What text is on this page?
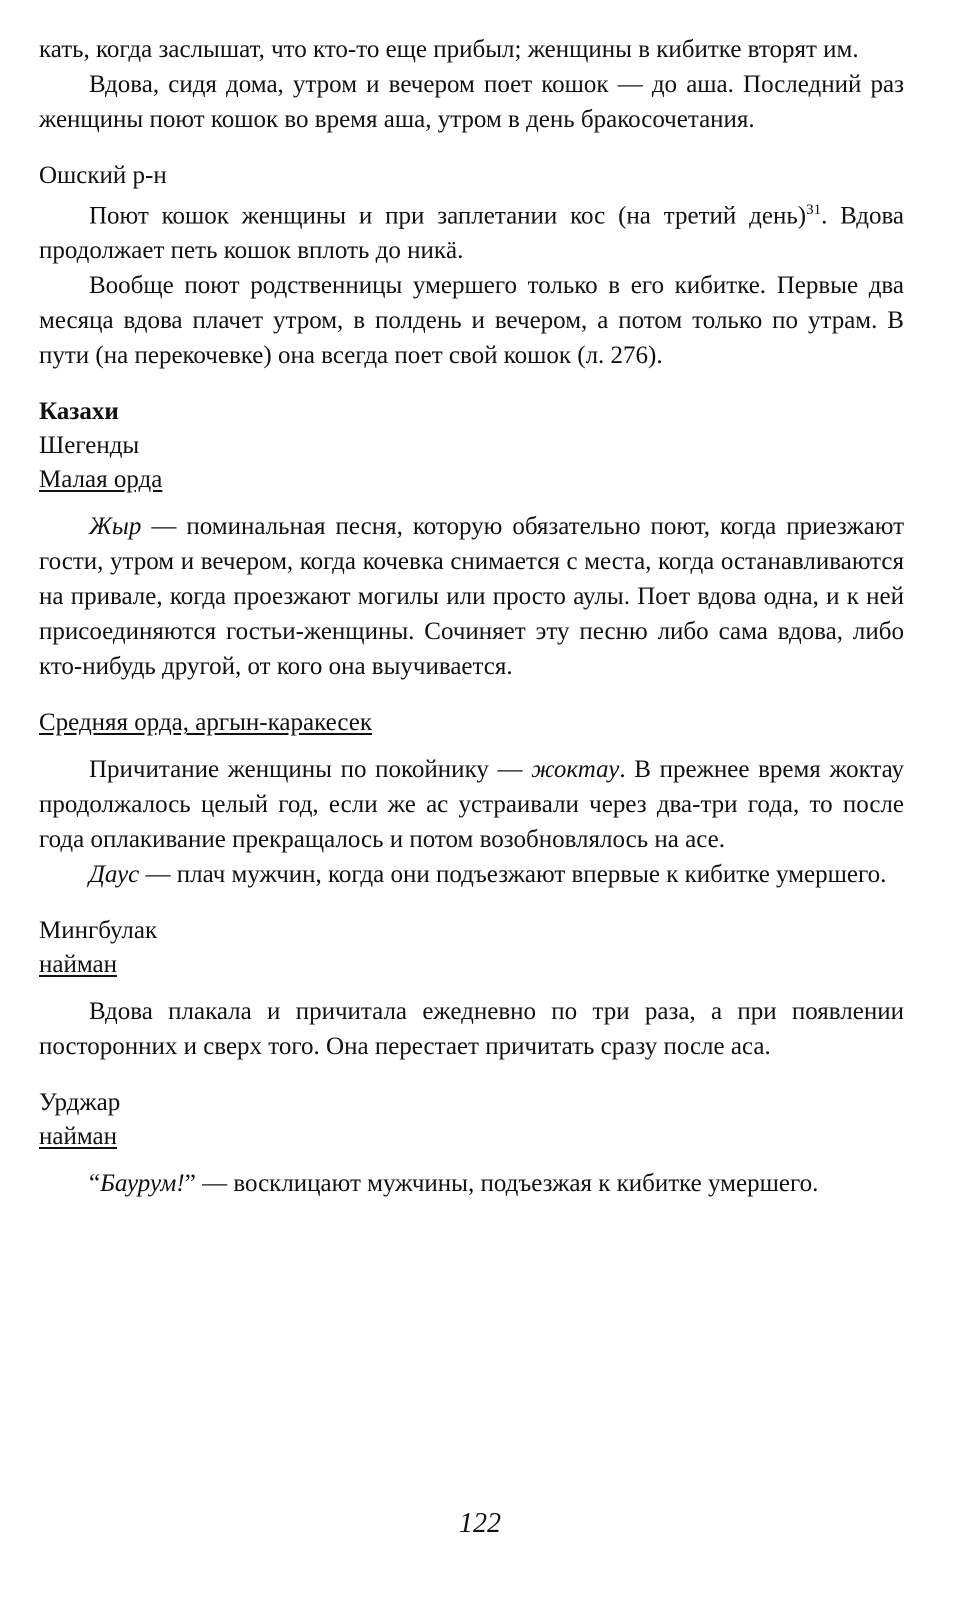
кать, когда заслышат, что кто-то еще прибыл; женщины в кибитке вторят им.

Вдова, сидя дома, утром и вечером поет кошок — до аша. Последний раз женщины поют кошок во время аша, утром в день бракосочетания.

Ошский р-н

Поют кошок женщины и при заплетании кос (на третий день)$^{31}$. Вдова продолжает петь кошок вплоть до никä.

Вообще поют родственницы умершего только в его кибитке. Первые два месяца вдова плачет утром, в полдень и вечером, а потом только по утрам. В пути (на перекочевке) она всегда поет свой кошок (л. 276).

Казахи

Шегенды

Малая орда

Жыр — поминальная песня, которую обязательно поют, когда приезжают гости, утром и вечером, когда кочевка снимается с места, когда останавливаются на привале, когда проезжают могилы или просто аулы. Поет вдова одна, и к ней присоединяются гостьи-женщины. Сочиняет эту песню либо сама вдова, либо кто-нибудь другой, от кого она выучивается.

Средняя орда, аргын-каракесек

Причитание женщины по покойнику — жоктау. В прежнее время жоктау продолжалось целый год, если же ас устраивали через два-три года, то после года оплакивание прекращалось и потом возобновлялось на асе.

Даус — плач мужчин, когда они подъезжают впервые к кибитке умершего.

Мингбулак

найман

Вдова плакала и причитала ежедневно по три раза, а при появлении посторонних и сверх того. Она перестает причитать сразу после аса.

Урджар

найман

“Баурум!” — восклицают мужчины, подъезжая к кибитке умершего.

122
